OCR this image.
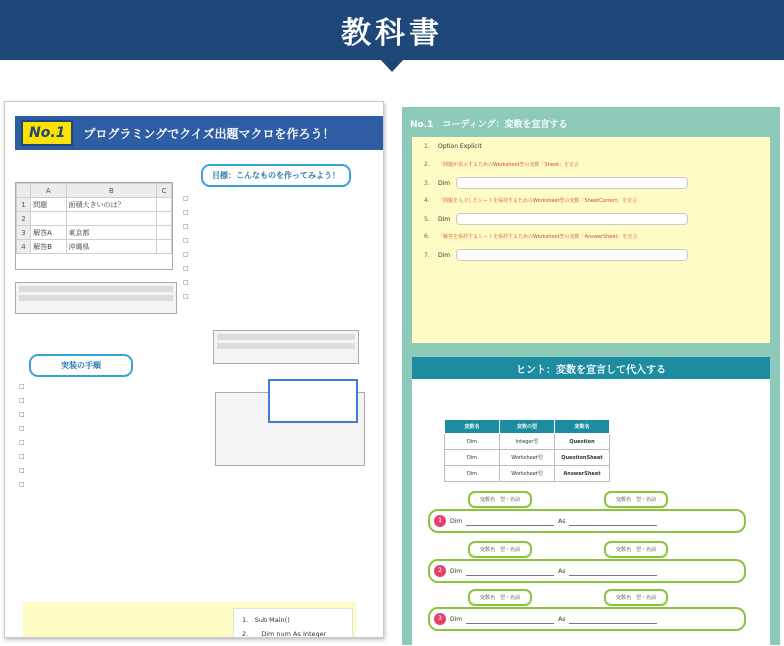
教科書
No.1	プログラミングでクイズ出題マクロを作ろう！
目標：こんなものを作ってみよう！
	A	B	C
1	問題	面積大きいのは？	
2			
3	解答A	東京都	
4	解答B	沖縄県	
□
□
□
□
□
□
□
□
実装の手順
□
□
□
□
□
□
□
□
1.　Sub Main()
2.　　Dim num As Integer
No.1　コーディング：変数を宣言する
1.	Option Explicit
2.	「問題が表示するためのWorksheet型の変数「Sheet」を宣言
3.	Dim
4.	「問題を入力したシートを保持するためのWorksheet型の変数「SheetCorrect」を宣言
5.	Dim
6.	「解答を保持するシートを保持するためのWorksheet型の変数「AnswerSheet」を宣言
7.	Dim
ヒント：変数を宣言して代入する
変数名	変数の型	変数名
Dim	Integer型	Question
Dim	Worksheet型	QuestionSheet
Dim	Worksheet型	AnswerSheet
変数名　型・名前	変数名　型・名前
1	Dim	As
変数名　型・名前	変数名　型・名前
2	Dim	As
変数名　型・名前	変数名　型・名前
3	Dim	As
